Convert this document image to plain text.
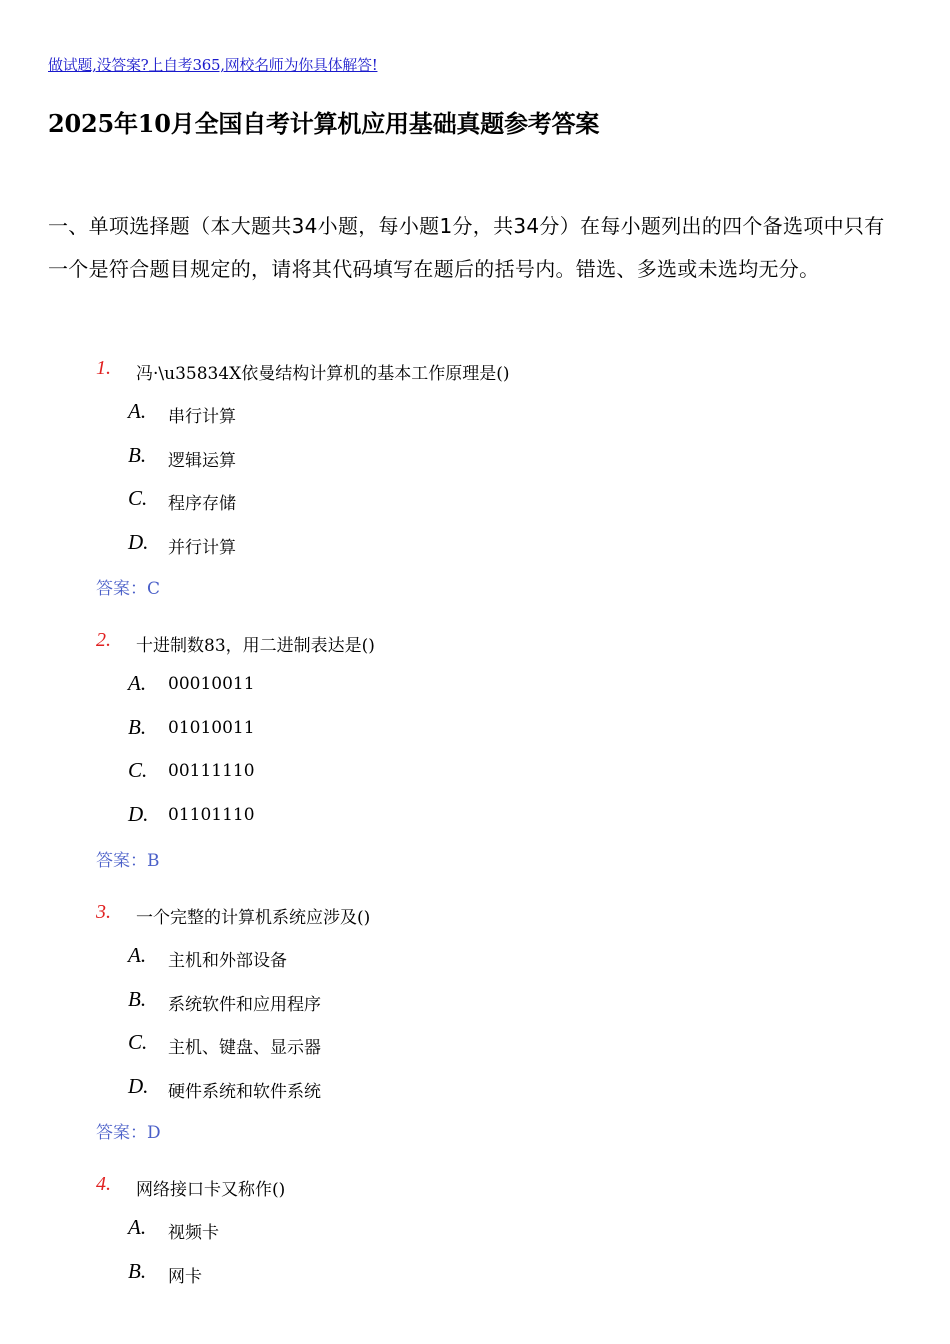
做试题,没答案?上自考365,网校名师为你具体解答!
2025年10月全国自考计算机应用基础真题参考答案
一、单项选择题（本大题共34小题，每小题1分，共34分）在每小题列出的四个备选项中只有一个是符合题目规定的，请将其代码填写在题后的括号内。错选、多选或未选均无分。
1. 冯·\u35834X依曼结构计算机的基本工作原理是()
A. 串行计算
B. 逻辑运算
C. 程序存储
D. 并行计算
答案：C
2. 十进制数83，用二进制表达是()
A. 00010011
B. 01010011
C. 00111110
D. 01101110
答案：B
3. 一个完整的计算机系统应涉及()
A. 主机和外部设备
B. 系统软件和应用程序
C. 主机、键盘、显示器
D. 硬件系统和软件系统
答案：D
4. 网络接口卡又称作()
A. 视频卡
B. 网卡
